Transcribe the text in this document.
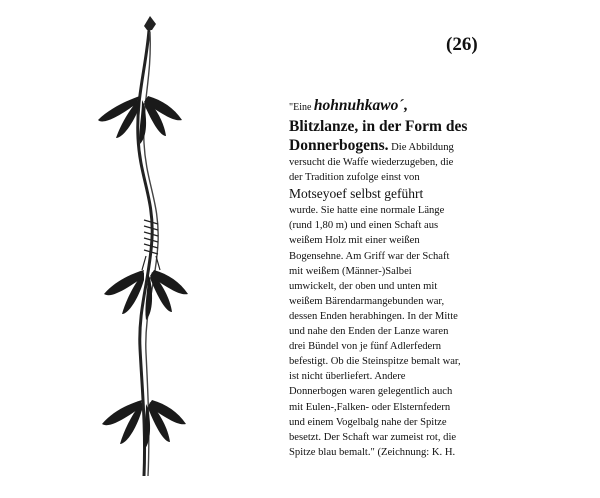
(26)
"Eine hohnuhkawo´,
Blitzlanze, in der Form des
Donnerbogens. Die Abbildung
versucht die Waffe wiederzugeben, die
der Tradition zufolge einst von
Motseyoef selbst geführt
wurde. Sie hatte eine normale Länge
(rund 1,80 m) und einen Schaft aus
weißem Holz mit einer weißen
Bogensehne. Am Griff war der Schaft
mit weißem (Männer-)Salbei
umwickelt, der oben und unten mit
weißem Bärendarmangebunden war,
dessen Enden herabhingen. In der Mitte
und nahe den Enden der Lanze waren
drei Bündel von je fünf Adlerfedern
befestigt. Ob die Steinspitze bemalt war,
ist nicht überliefert. Andere
Donnerbogen waren gelegentlich auch
mit Eulen-,Falken- oder Elsternfedern
und einem Vogelbalg nahe der Spitze
besetzt. Der Schaft war zumeist rot, die
Spitze blau bemalt." (Zeichnung: K. H.
